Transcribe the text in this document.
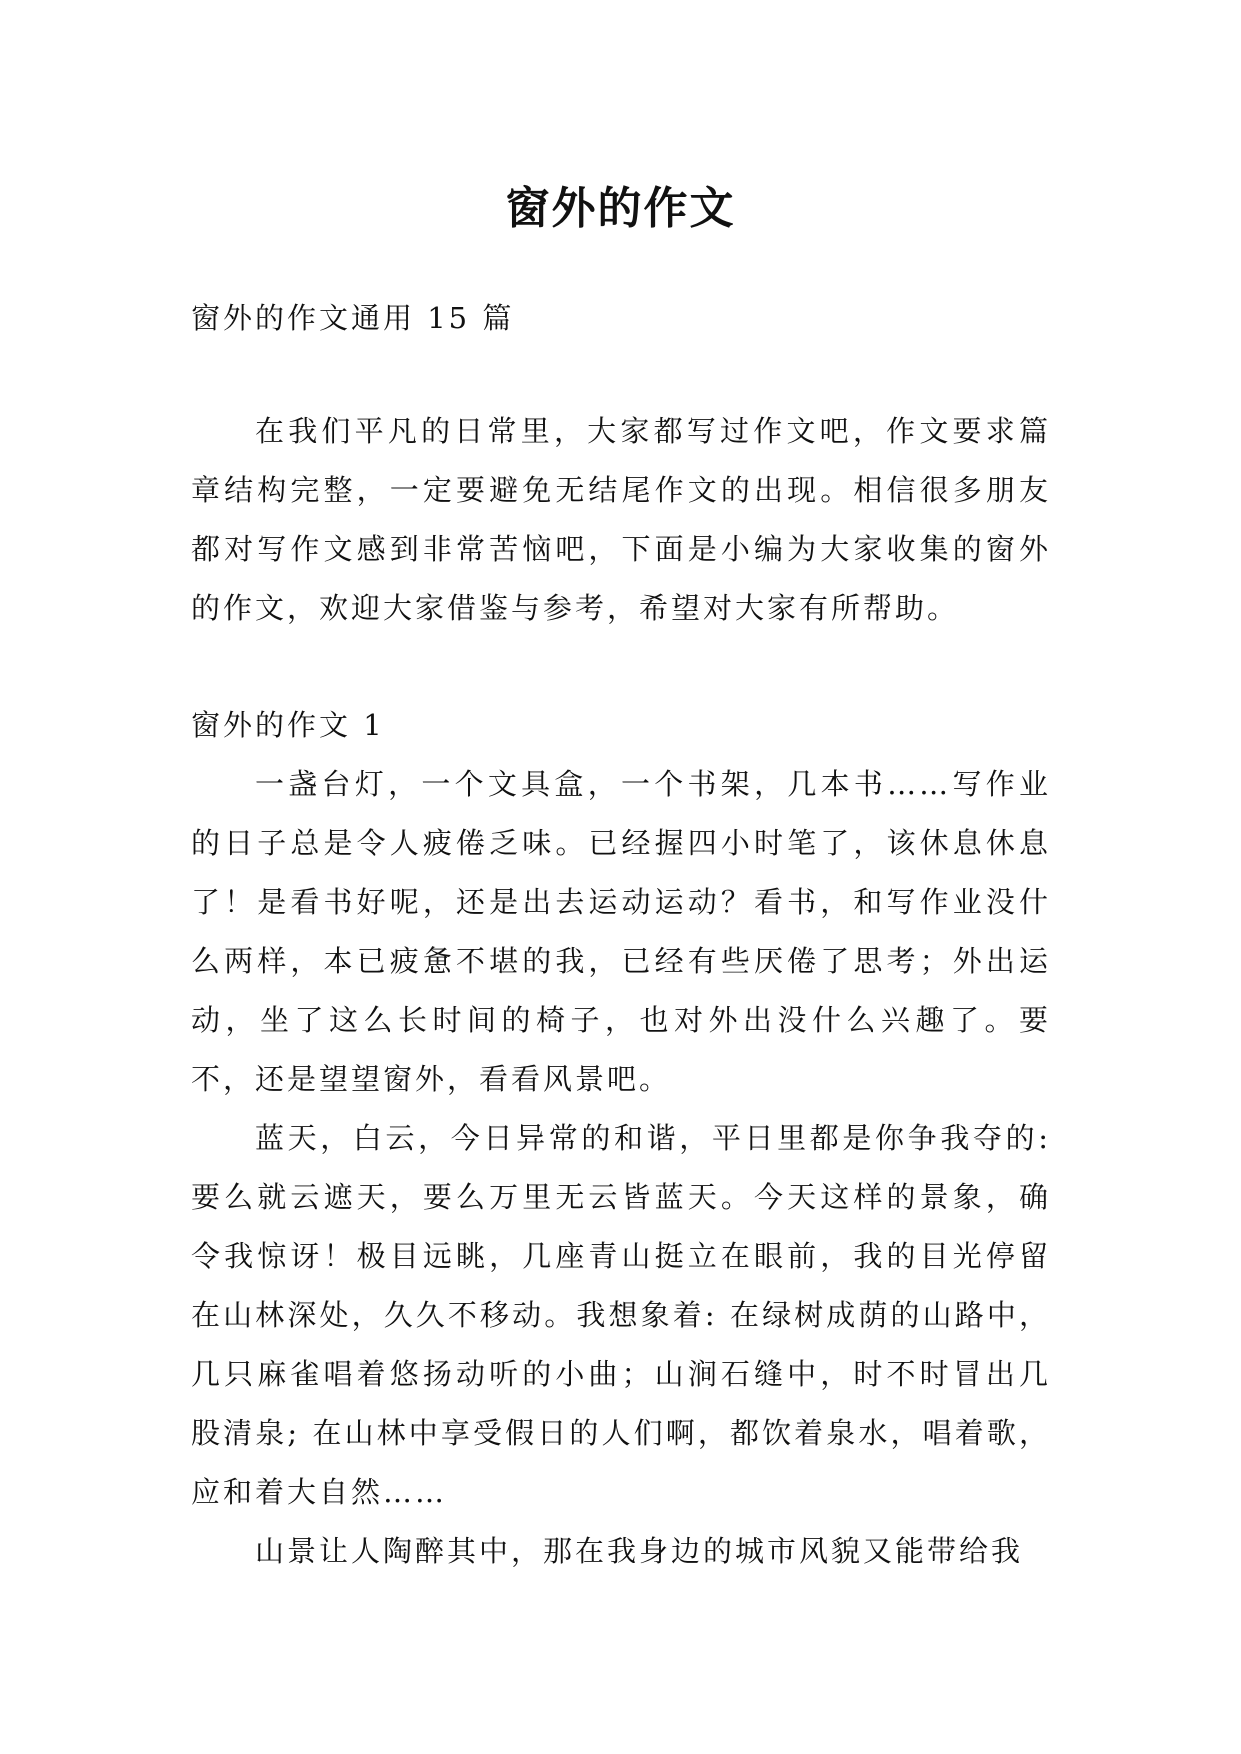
窗外的作文

窗外的作文通用 15 篇

在我们平凡的日常里，大家都写过作文吧，作文要求篇章结构完整，一定要避免无结尾作文的出现。相信很多朋友都对写作文感到非常苦恼吧，下面是小编为大家收集的窗外的作文，欢迎大家借鉴与参考，希望对大家有所帮助。

窗外的作文 1

一盏台灯，一个文具盒，一个书架，几本书……写作业的日子总是令人疲倦乏味。已经握四小时笔了，该休息休息了！是看书好呢，还是出去运动运动？看书，和写作业没什么两样，本已疲惫不堪的我，已经有些厌倦了思考；外出运动，坐了这么长时间的椅子，也对外出没什么兴趣了。要不，还是望望窗外，看看风景吧。

蓝天，白云，今日异常的和谐，平日里都是你争我夺的:要么就云遮天，要么万里无云皆蓝天。今天这样的景象，确令我惊讶！极目远眺，几座青山挺立在眼前，我的目光停留在山林深处，久久不移动。我想象着: 在绿树成荫的山路中，几只麻雀唱着悠扬动听的小曲；山涧石缝中，时不时冒出几股清泉; 在山林中享受假日的人们啊，都饮着泉水，唱着歌，应和着大自然……

山景让人陶醉其中，那在我身边的城市风貌又能带给我
